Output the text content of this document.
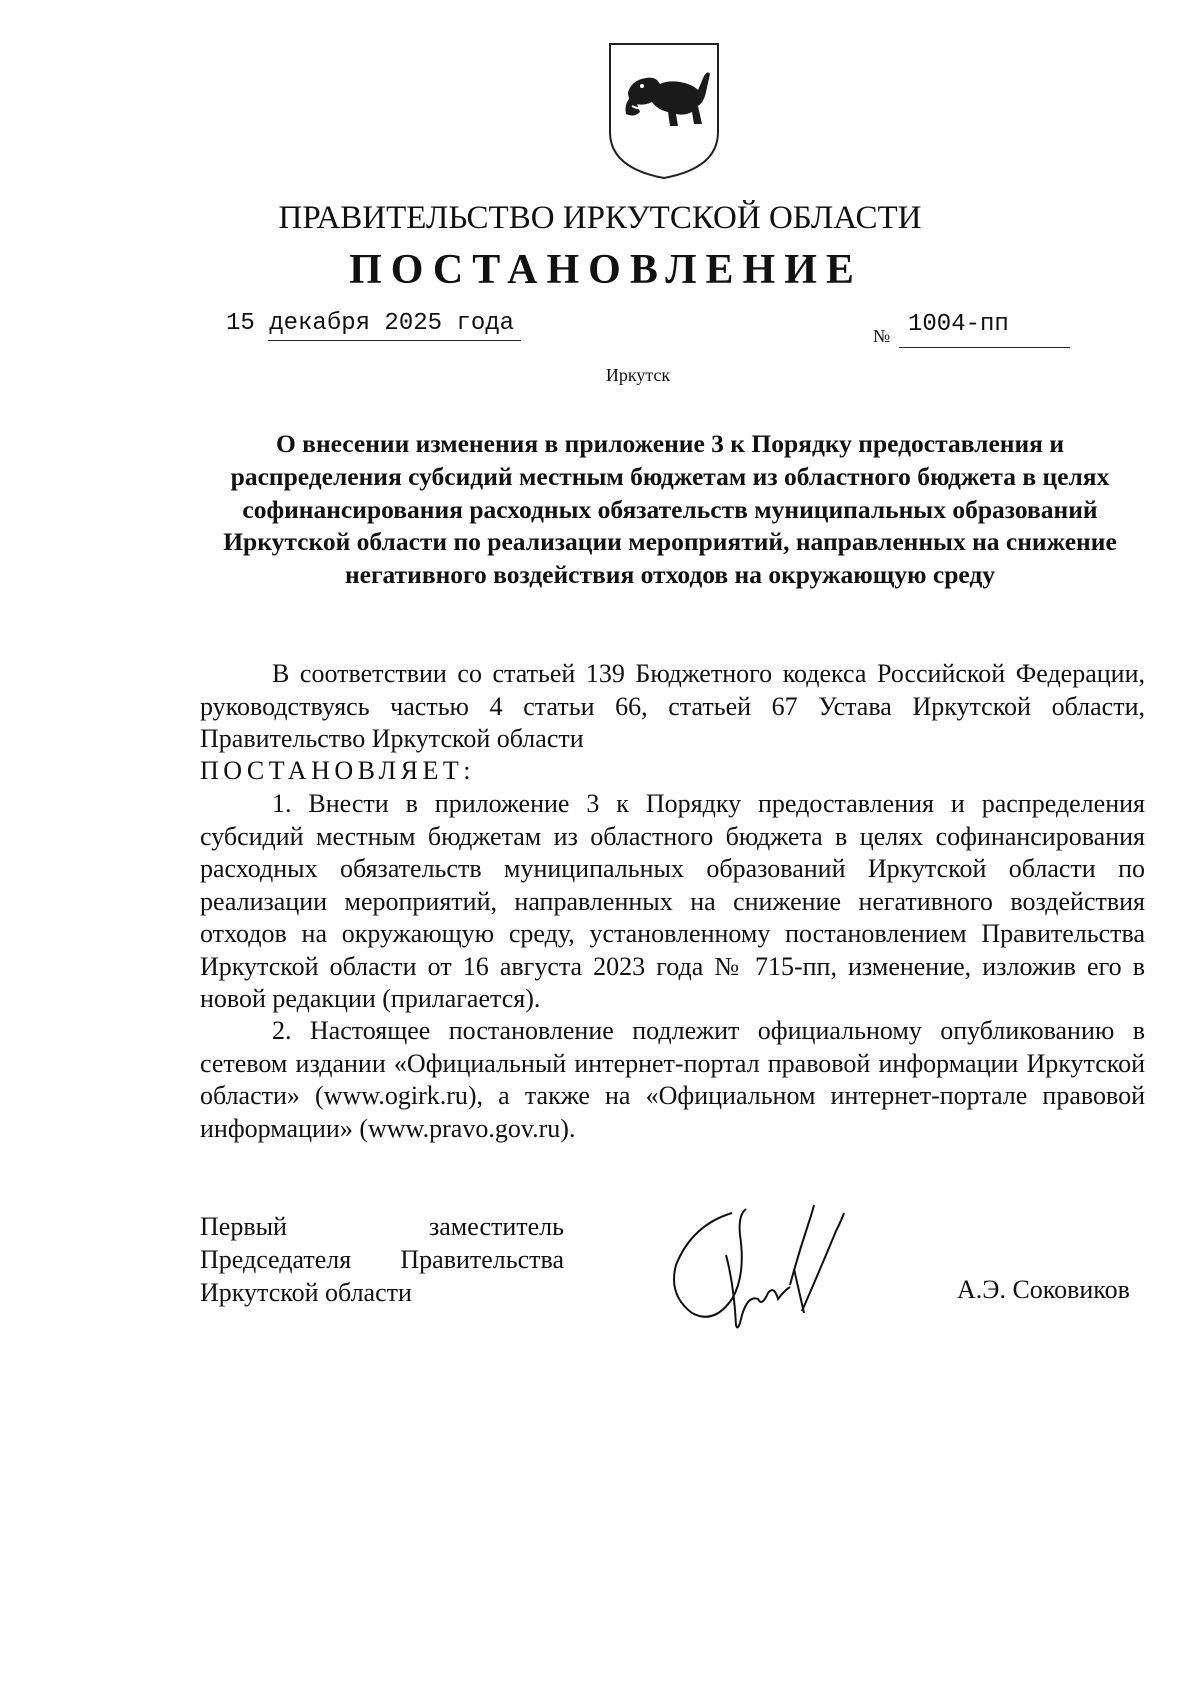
ПРАВИТЕЛЬСТВО ИРКУТСКОЙ ОБЛАСТИ
ПОСТАНОВЛЕНИЕ
15 декабря 2025 года	№ 1004-пп
Иркутск
О внесении изменения в приложение 3 к Порядку предоставления и распределения субсидий местным бюджетам из областного бюджета в целях софинансирования расходных обязательств муниципальных образований Иркутской области по реализации мероприятий, направленных на снижение негативного воздействия отходов на окружающую среду
В соответствии со статьей 139 Бюджетного кодекса Российской Федерации, руководствуясь частью 4 статьи 66, статьей 67 Устава Иркутской области, Правительство Иркутской области
ПОСТАНОВЛЯЕТ:
1. Внести в приложение 3 к Порядку предоставления и распределения субсидий местным бюджетам из областного бюджета в целях софинансирования расходных обязательств муниципальных образований Иркутской области по реализации мероприятий, направленных на снижение негативного воздействия отходов на окружающую среду, установленному постановлением Правительства Иркутской области от 16 августа 2023 года № 715-пп, изменение, изложив его в новой редакции (прилагается).
2. Настоящее постановление подлежит официальному опубликованию в сетевом издании «Официальный интернет-портал правовой информации Иркутской области» (www.ogirk.ru), а также на «Официальном интернет-портале правовой информации» (www.pravo.gov.ru).
Первый заместитель
Председателя Правительства
Иркутской области	А.Э. Соковиков
